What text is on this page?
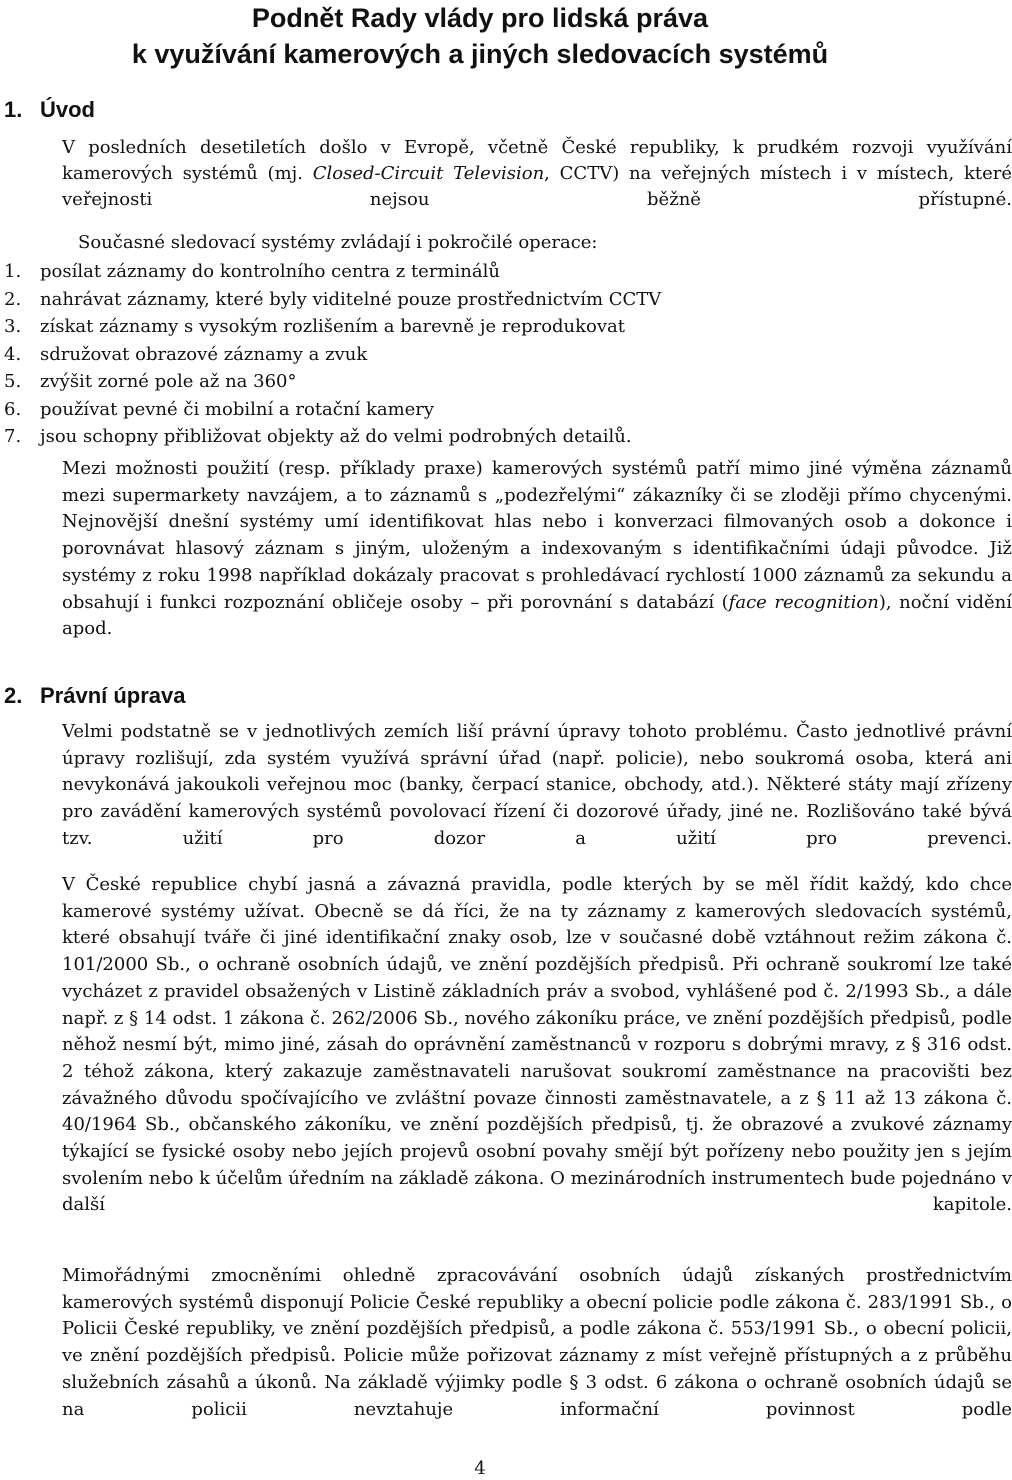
Podnět Rady vlády pro lidská práva
k využívání kamerových a jiných sledovacích systémů
1. Úvod

V posledních desetiletích došlo v Evropě, včetně České republiky, k prudkém rozvoji využívání kamerových systémů (mj. Closed-Circuit Television, CCTV) na veřejných místech i v místech, které veřejnosti nejsou běžně přístupné.

Současné sledovací systémy zvládají i pokročilé operace:
1. posílat záznamy do kontrolního centra z terminálů
2. nahrávat záznamy, které byly viditelné pouze prostřednictvím CCTV
3. získat záznamy s vysokým rozlišením a barevně je reprodukovat
4. sdružovat obrazové záznamy a zvuk
5. zvýšit zorné pole až na 360°
6. používat pevné či mobilní a rotační kamery
7. jsou schopny přibližovat objekty až do velmi podrobných detailů.

Mezi možnosti použití (resp. příklady praxe) kamerových systémů patří mimo jiné výměna záznamů mezi supermarkety navzájem, a to záznamů s „podezřelými“ zákazníky či se zloději přímo chycenými. Nejnovější dnešní systémy umí identifikovat hlas nebo i konverzaci filmovaných osob a dokonce i porovnávat hlasový záznam s jiným, uloženým a indexovaným s identifikačními údaji původce. Již systémy z roku 1998 například dokázaly pracovat s prohledávací rychlostí 1000 záznamů za sekundu a obsahují i funkci rozpoznání obličeje osoby – při porovnání s databází (face recognition), noční vidění apod.

2. Právní úprava

Velmi podstatně se v jednotlivých zemích liší právní úpravy tohoto problému. Často jednotlivé právní úpravy rozlišují, zda systém využívá správní úřad (např. policie), nebo soukromá osoba, která ani nevykonává jakoukoli veřejnou moc (banky, čerpací stanice, obchody, atd.). Některé státy mají zřízeny pro zavádění kamerových systémů povolovací řízení či dozorové úřady, jiné ne. Rozlišováno také bývá tzv. užití pro dozor a užití pro prevenci.

V České republice chybí jasná a závazná pravidla, podle kterých by se měl řídit každý, kdo chce kamerové systémy užívat. Obecně se dá říci, že na ty záznamy z kamerových sledovacích systémů, které obsahují tváře či jiné identifikační znaky osob, lze v současné době vztáhnout režim zákona č. 101/2000 Sb., o ochraně osobních údajů, ve znění pozdějších předpisů. Při ochraně soukromí lze také vycházet z pravidel obsažených v Listině základních práv a svobod, vyhlášené pod č. 2/1993 Sb., a dále např. z § 14 odst. 1 zákona č. 262/2006 Sb., nového zákoníku práce, ve znění pozdějších předpisů, podle něhož nesmí být, mimo jiné, zásah do oprávnění zaměstnanců v rozporu s dobrými mravy, z § 316 odst. 2 téhož zákona, který zakazuje zaměstnavateli narušovat soukromí zaměstnance na pracovišti bez závažného důvodu spočívajícího ve zvláštní povaze činnosti zaměstnavatele, a z § 11 až 13 zákona č. 40/1964 Sb., občanského zákoníku, ve znění pozdějších předpisů, tj. že obrazové a zvukové záznamy týkající se fysické osoby nebo jejích projevů osobní povahy smějí být pořízeny nebo použity jen s jejím svolením nebo k účelům úředním na základě zákona. O mezinárodních instrumentech bude pojednáno v další kapitole.

Mimořádnými zmocněními ohledně zpracovávání osobních údajů získaných prostřednictvím kamerových systémů disponují Policie České republiky a obecní policie podle zákona č. 283/1991 Sb., o Policii České republiky, ve znění pozdějších předpisů, a podle zákona č. 553/1991 Sb., o obecní policii, ve znění pozdějších předpisů. Policie může pořizovat záznamy z míst veřejně přístupných a z průběhu služebních zásahů a úkonů. Na základě výjimky podle § 3 odst. 6 zákona o ochraně osobních údajů se na policii nevztahuje informační povinnost podle

4
